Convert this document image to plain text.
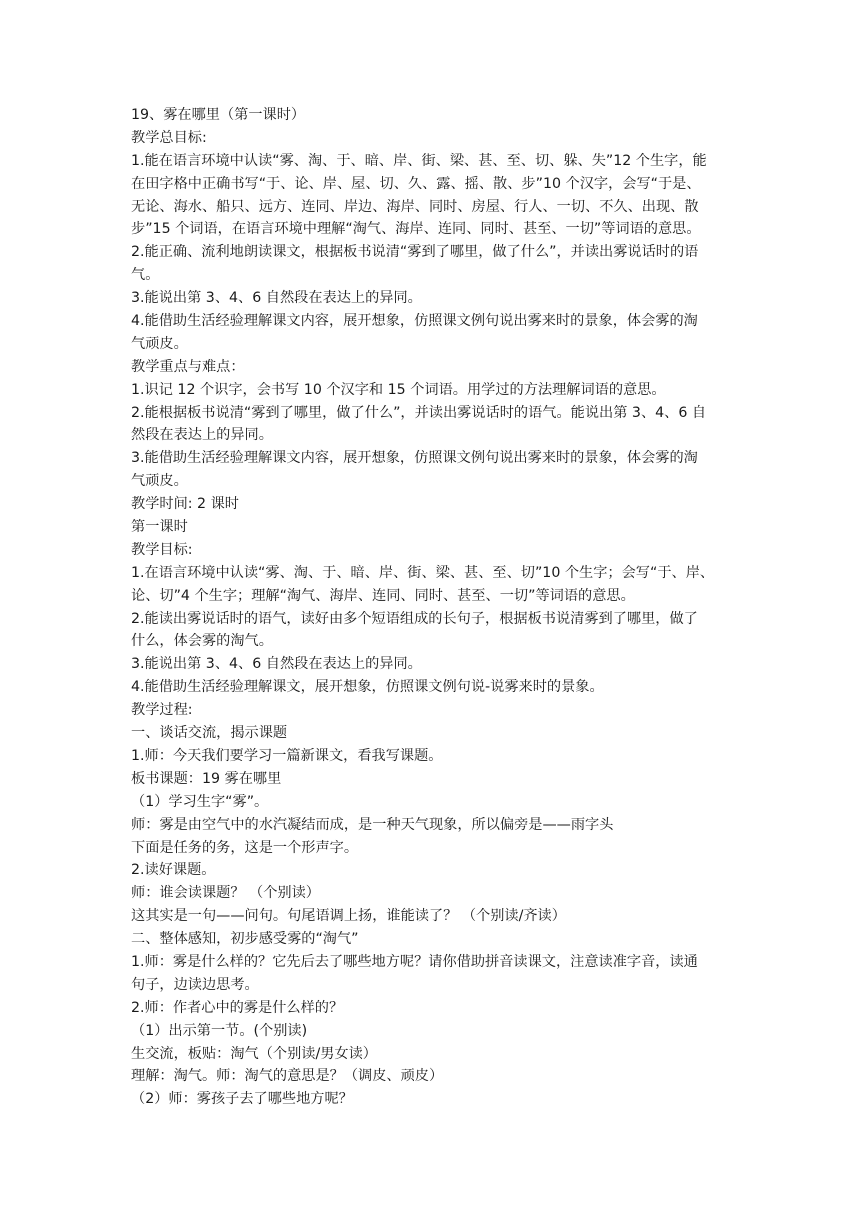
19、雾在哪里（第一课时）
教学总目标:
1.能在语言环境中认读“雾、淘、于、暗、岸、街、梁、甚、至、切、躲、失”12 个生字，能
在田字格中正确书写“于、论、岸、屋、切、久、露、摇、散、步”10 个汉字，会写“于是、
无论、海水、船只、远方、连同、岸边、海岸、同时、房屋、行人、一切、不久、出现、散
步”15 个词语，在语言环境中理解“淘气、海岸、连同、同时、甚至、一切”等词语的意思。
2.能正确、流利地朗读课文，根据板书说清“雾到了哪里，做了什么”，并读出雾说话时的语
气。
3.能说出第 3、4、6 自然段在表达上的异同。
4.能借助生活经验理解课文内容，展开想象，仿照课文例句说出雾来时的景象，体会雾的淘
气顽皮。
教学重点与难点：
1.识记 12 个识字，会书写 10 个汉字和 15 个词语。用学过的方法理解词语的意思。
2.能根据板书说清“雾到了哪里，做了什么”，并读出雾说话时的语气。能说出第 3、4、6 自
然段在表达上的异同。
3.能借助生活经验理解课文内容，展开想象，仿照课文例句说出雾来时的景象，体会雾的淘
气顽皮。
教学时间: 2 课时
第一课时
教学目标:
1.在语言环境中认读“雾、淘、于、暗、岸、街、梁、甚、至、切”10 个生字；会写“于、岸、
论、切”4 个生字；理解“淘气、海岸、连同、同时、甚至、一切”等词语的意思。
2.能读出雾说话时的语气，读好由多个短语组成的长句子，根据板书说清雾到了哪里，做了
什么，体会雾的淘气。
3.能说出第 3、4、6 自然段在表达上的异同。
4.能借助生活经验理解课文，展开想象，仿照课文例句说-说雾来时的景象。
教学过程:
一、谈话交流，揭示课题
1.师：今天我们要学习一篇新课文，看我写课题。
板书课题：19 雾在哪里
（1）学习生字“雾”。
师：雾是由空气中的水汽凝结而成，是一种天气现象，所以偏旁是——雨字头
下面是任务的务，这是一个形声字。
2.读好课题。
师：谁会读课题？ （个别读）
这其实是一句——问句。句尾语调上扬，谁能读了？ （个别读/齐读）
二、整体感知，初步感受雾的“淘气”
1.师：雾是什么样的？它先后去了哪些地方呢？请你借助拼音读课文，注意读准字音，读通
句子，边读边思考。
2.师：作者心中的雾是什么样的？
（1）出示第一节。(个别读)
生交流，板贴：淘气（个别读/男女读）
理解：淘气。师：淘气的意思是？（调皮、顽皮）
（2）师：雾孩子去了哪些地方呢？
